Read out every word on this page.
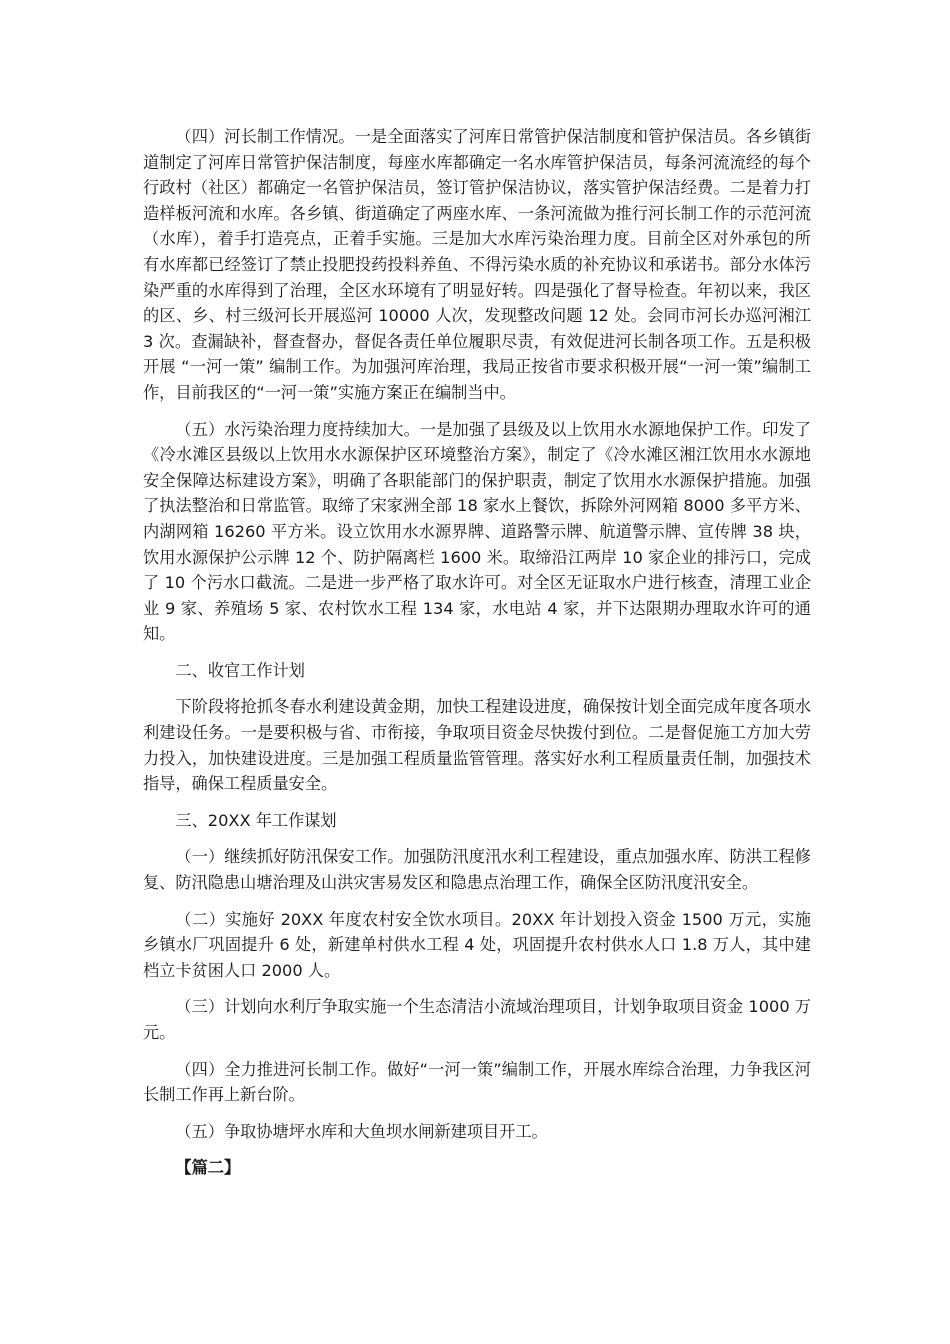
（四）河长制工作情况。一是全面落实了河库日常管护保洁制度和管护保洁员。各乡镇街道制定了河库日常管护保洁制度，每座水库都确定一名水库管护保洁员，每条河流流经的每个行政村（社区）都确定一名管护保洁员，签订管护保洁协议，落实管护保洁经费。二是着力打造样板河流和水库。各乡镇、街道确定了两座水库、一条河流做为推行河长制工作的示范河流（水库），着手打造亮点，正着手实施。三是加大水库污染治理力度。目前全区对外承包的所有水库都已经签订了禁止投肥投药投料养鱼、不得污染水质的补充协议和承诺书。部分水体污染严重的水库得到了治理，全区水环境有了明显好转。四是强化了督导检查。年初以来，我区的区、乡、村三级河长开展巡河 10000 人次，发现整改问题 12 处。会同市河长办巡河湘江 3 次。查漏缺补，督查督办，督促各责任单位履职尽责，有效促进河长制各项工作。五是积极开展 “一河一策” 编制工作。为加强河库治理，我局正按省市要求积极开展“一河一策”编制工作，目前我区的“一河一策”实施方案正在编制当中。

（五）水污染治理力度持续加大。一是加强了县级及以上饮用水水源地保护工作。印发了《冷水滩区县级以上饮用水水源保护区环境整治方案》，制定了《冷水滩区湘江饮用水水源地安全保障达标建设方案》，明确了各职能部门的保护职责，制定了饮用水水源保护措施。加强了执法整治和日常监管。取缔了宋家洲全部 18 家水上餐饮，拆除外河网箱 8000 多平方米、内湖网箱 16260 平方米。设立饮用水水源界牌、道路警示牌、航道警示牌、宣传牌 38 块，饮用水源保护公示牌 12 个、防护隔离栏 1600 米。取缔沿江两岸 10 家企业的排污口，完成了 10 个污水口截流。二是进一步严格了取水许可。对全区无证取水户进行核查，清理工业企业 9 家、养殖场 5 家、农村饮水工程 134 家，水电站 4 家，并下达限期办理取水许可的通知。

二、收官工作计划

下阶段将抢抓冬春水利建设黄金期，加快工程建设进度，确保按计划全面完成年度各项水利建设任务。一是要积极与省、市衔接，争取项目资金尽快拨付到位。二是督促施工方加大劳力投入，加快建设进度。三是加强工程质量监管管理。落实好水利工程质量责任制，加强技术指导，确保工程质量安全。

三、20XX 年工作谋划

（一）继续抓好防汛保安工作。加强防汛度汛水利工程建设，重点加强水库、防洪工程修复、防汛隐患山塘治理及山洪灾害易发区和隐患点治理工作，确保全区防汛度汛安全。

（二）实施好 20XX 年度农村安全饮水项目。20XX 年计划投入资金 1500 万元，实施乡镇水厂巩固提升 6 处，新建单村供水工程 4 处，巩固提升农村供水人口 1.8 万人，其中建档立卡贫困人口 2000 人。

（三）计划向水利厅争取实施一个生态清洁小流域治理项目，计划争取项目资金 1000 万元。

（四）全力推进河长制工作。做好“一河一策”编制工作，开展水库综合治理，力争我区河长制工作再上新台阶。

（五）争取协塘坪水库和大鱼坝水闸新建项目开工。

【篇二】
